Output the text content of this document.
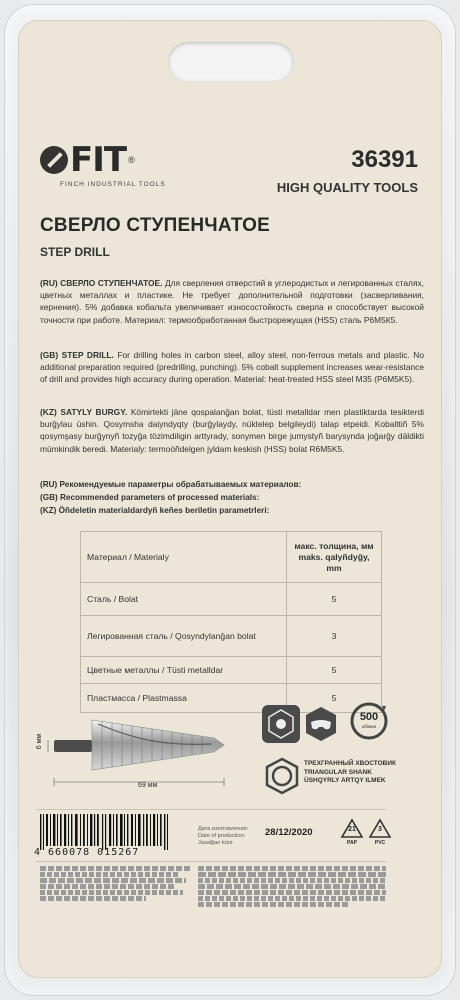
FIT ®
FINCH INDUSTRIAL TOOLS
36391
HIGH QUALITY TOOLS
СВЕРЛО СТУПЕНЧАТОЕ
STEP DRILL
(RU) СВЕРЛО СТУПЕНЧАТОЕ. Для сверления отверстий в углеродистых и легированных сталях, цветных металлах и пластике. Не требует дополнительной подготовки (засверливания, кернения). 5% добавка кобальта увеличивает износостойкость сверла и способствует высокой точности при работе. Материал: термообработанная быстрорежущая (HSS) сталь Р6М5К5.
(GB) STEP DRILL. For drilling holes in carbon steel, alloy steel, non-ferrous metals and plastic. No additional preparation required (predrilling, punching). 5% cobalt supplement increases wear-resistance of drill and provides high accuracy during operation. Material: heat-treated HSS steel M35 (P6M5K5).
(KZ) SATYLY BURGY. Kömirtekti jäne qospalanğan bolat, tüsti metalldar men plastiktarda tesikterdі burğylau üshіn. Qosymsha daiyndyqty (burğylaydy, nüktelep belgіleydі) talap etpeidі. Kobalttіñ 5% qosymşasy burğynyñ tozyğa tözimdіlіgіn arttyrady, sonymen birge jumystyñ barysynda joğarğy däldіktі mümkіndіk beredі. Materialy: termoöñdelgen jyldam keskish (HSS) bolat R6M5K5.
(RU) Рекомендуемые параметры обрабатываемых материалов:
(GB) Recommended parameters of processed materials:
(KZ) Öñdeletіn materialdardyñ keñes berіletіn parametrlerі:
Материал / Materialy	макс. толщина, мм
maks. qalyñdyğy, mm

Сталь / Bolat	5
Легированная сталь / Qosyndylanğan bolat	3
Цветные металлы / Tüsti metalldar	5
Пластмасса / Plastmassa	5
6 мм
69 мм
500
об/мин
ТРЕХГРАННЫЙ ХВОСТОВИК
TRIANGULAR SHANK
ÜSHQYRLY ARTQY ILMEK
4 660078 015267
Дата изготовления:
Date of production:
Jasalğan küni:
28/12/2020	21
PAP
3
PVC
